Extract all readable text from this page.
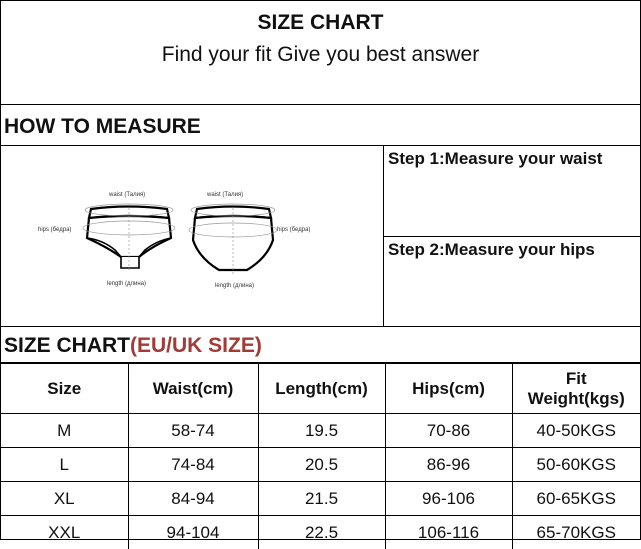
SIZE CHART
Find your fit Give you best answer
HOW TO MEASURE
waist (Талия)
hips (бедра)
length (длина)
waist (Талия)
hips (бедра)
length (длина)
Step 1:Measure your waist
Step 2:Measure your hips
SIZE CHART(EU/UK SIZE)
Size	Waist(cm)	Length(cm)	Hips(cm)	Fit Weight(kgs)
M	58-74	19.5	70-86	40-50KGS
L	74-84	20.5	86-96	50-60KGS
XL	84-94	21.5	96-106	60-65KGS
XXL	94-104	22.5	106-116	65-70KGS
